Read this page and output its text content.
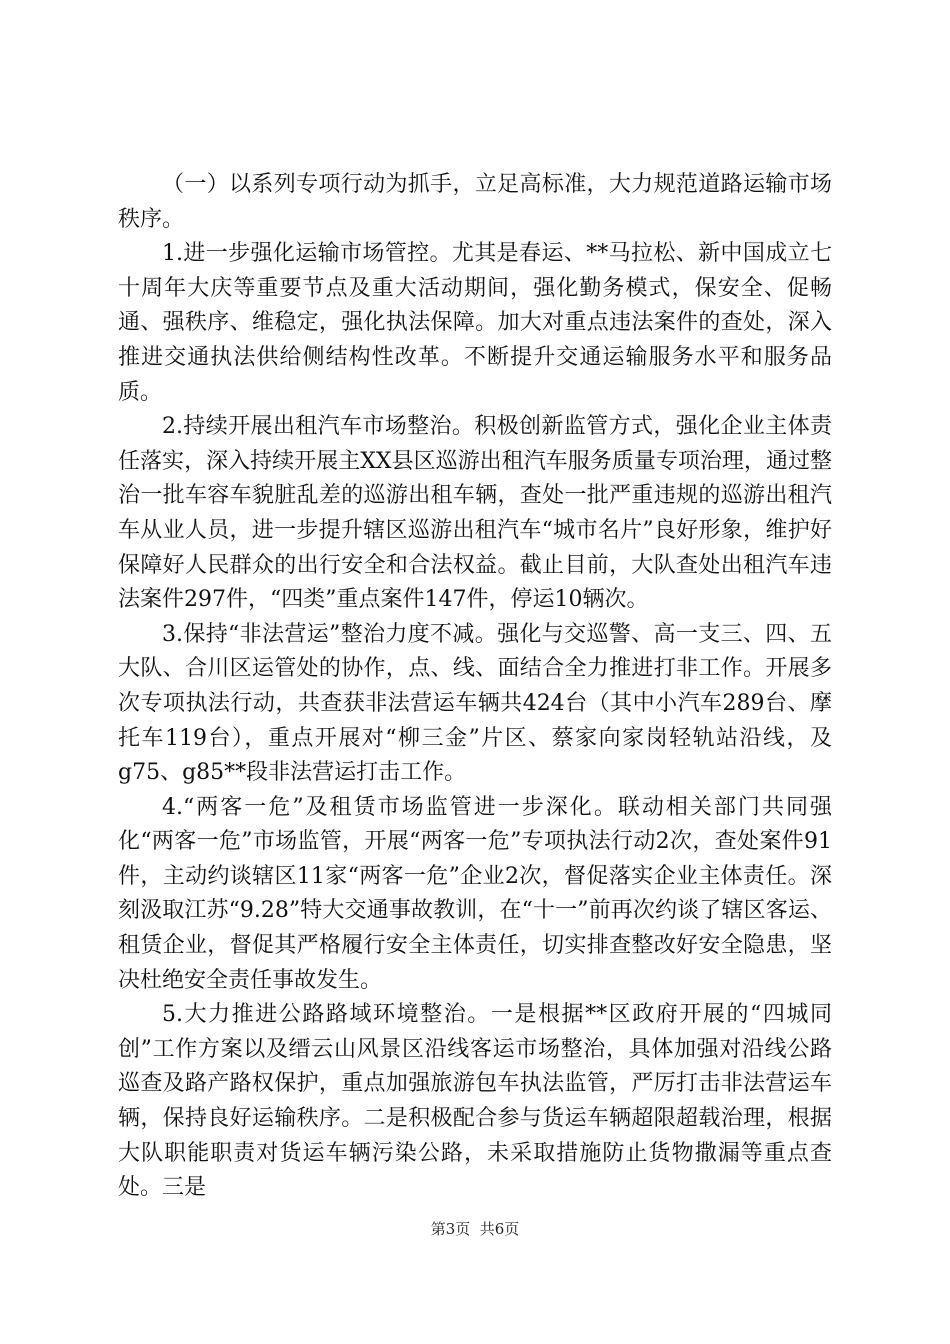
（一）以系列专项行动为抓手，立足高标准，大力规范道路运输市场秩序。

1.进一步强化运输市场管控。尤其是春运、**马拉松、新中国成立七十周年大庆等重要节点及重大活动期间，强化勤务模式，保安全、促畅通、强秩序、维稳定，强化执法保障。加大对重点违法案件的查处，深入推进交通执法供给侧结构性改革。不断提升交通运输服务水平和服务品质。

2.持续开展出租汽车市场整治。积极创新监管方式，强化企业主体责任落实，深入持续开展主XX县区巡游出租汽车服务质量专项治理，通过整治一批车容车貌脏乱差的巡游出租车辆，查处一批严重违规的巡游出租汽车从业人员，进一步提升辖区巡游出租汽车“城市名片”良好形象，维护好保障好人民群众的出行安全和合法权益。截止目前，大队查处出租汽车违法案件297件，“四类”重点案件147件，停运10辆次。

3.保持“非法营运”整治力度不减。强化与交巡警、高一支三、四、五大队、合川区运管处的协作，点、线、面结合全力推进打非工作。开展多次专项执法行动，共查获非法营运车辆共424台（其中小汽车289台、摩托车119台），重点开展对“柳三金”片区、蔡家向家岗轻轨站沿线，及g75、g85**段非法营运打击工作。

4.“两客一危”及租赁市场监管进一步深化。联动相关部门共同强化“两客一危”市场监管，开展“两客一危”专项执法行动2次，查处案件91件，主动约谈辖区11家“两客一危”企业2次，督促落实企业主体责任。深刻汲取江苏“9.28”特大交通事故教训，在“十一”前再次约谈了辖区客运、租赁企业，督促其严格履行安全主体责任，切实排查整改好安全隐患，坚决杜绝安全责任事故发生。

5.大力推进公路路域环境整治。一是根据**区政府开展的“四城同创”工作方案以及缙云山风景区沿线客运市场整治，具体加强对沿线公路巡查及路产路权保护，重点加强旅游包车执法监管，严厉打击非法营运车辆，保持良好运输秩序。二是积极配合参与货运车辆超限超载治理，根据大队职能职责对货运车辆污染公路，未采取措施防止货物撒漏等重点查处。三是

第3页  共6页
